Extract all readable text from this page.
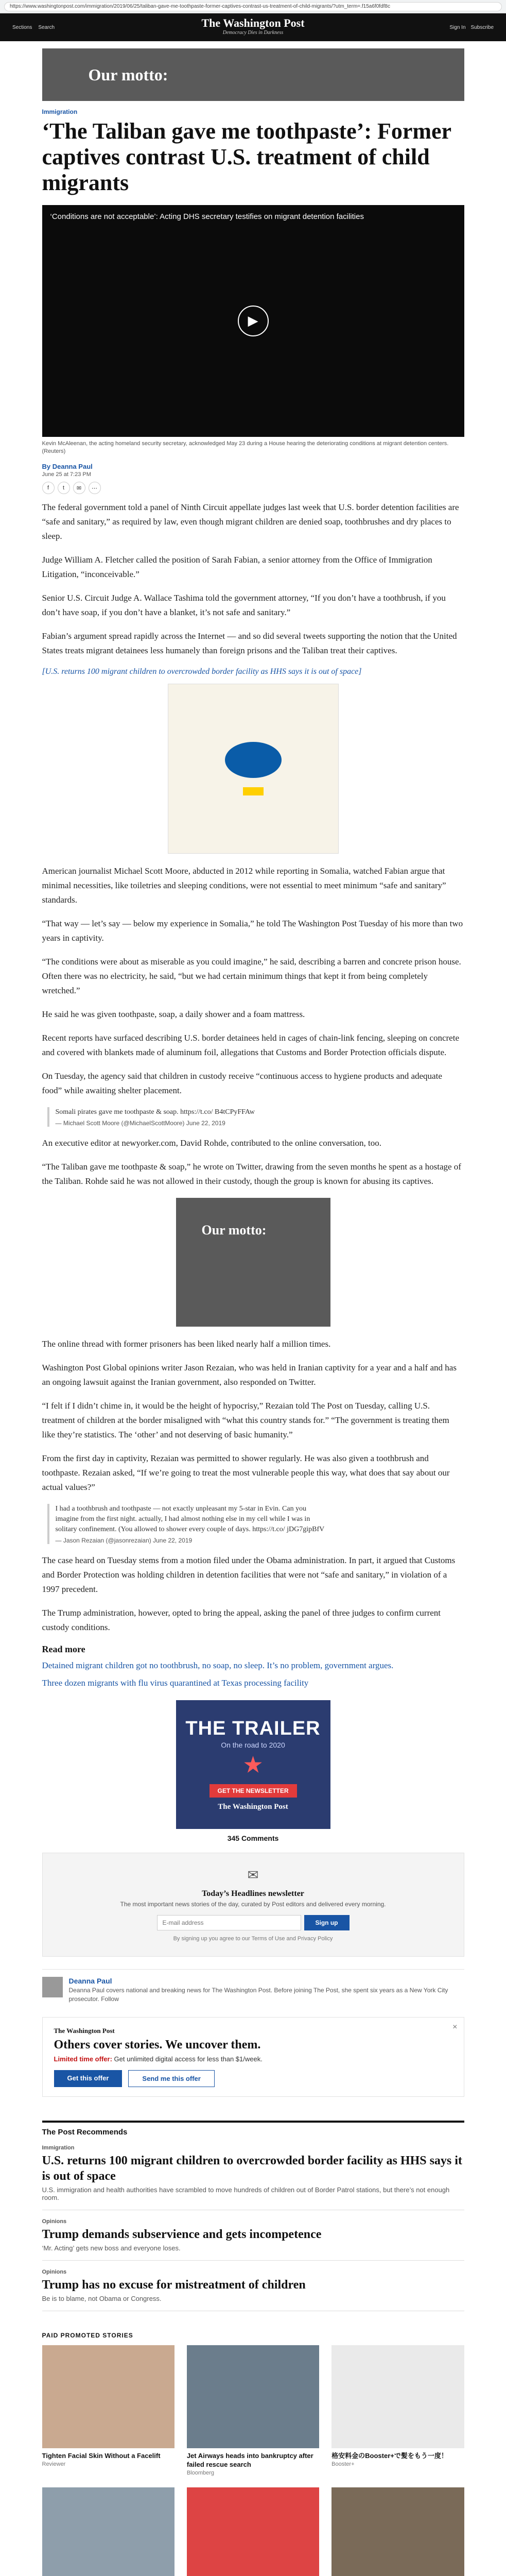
https://www.washingtonpost.com/immigration/2019/06/25/taliban-gave-me-toothpaste-former-captives-contrast-us-treatment-of-child-migrants/?utm_term=.f15a6f0fdf8c
Sections Search	The Washington Post
Democracy Dies in Darkness
Sign In Subscribe
Our motto:
Immigration
‘The Taliban gave me toothpaste’: Former captives contrast U.S. treatment of child migrants
‘Conditions are not acceptable’: Acting DHS secretary testifies on migrant detention facilities
▶
Kevin McAleenan, the acting homeland security secretary, acknowledged May 23 during a House hearing the deteriorating conditions at migrant detention centers. (Reuters)
By Deanna Paul
June 25 at 7:23 PM
f	t	✉	⋯

The federal government told a panel of Ninth Circuit appellate judges last week that U.S. border detention facilities are “safe and sanitary,” as required by law, even though migrant children are denied soap, toothbrushes and dry places to sleep.

Judge William A. Fletcher called the position of Sarah Fabian, a senior attorney from the Office of Immigration Litigation, “inconceivable.”

Senior U.S. Circuit Judge A. Wallace Tashima told the government attorney, “If you don’t have a toothbrush, if you don’t have soap, if you don’t have a blanket, it’s not safe and sanitary.”

Fabian’s argument spread rapidly across the Internet — and so did several tweets supporting the notion that the United States treats migrant detainees less humanely than foreign prisons and the Taliban treat their captives.

[U.S. returns 100 migrant children to overcrowded border facility as HHS says it is out of space]

American journalist Michael Scott Moore, abducted in 2012 while reporting in Somalia, watched Fabian argue that minimal necessities, like toiletries and sleeping conditions, were not essential to meet minimum “safe and sanitary” standards.

“That way — let’s say — below my experience in Somalia,” he told The Washington Post Tuesday of his more than two years in captivity.

“The conditions were about as miserable as you could imagine,” he said, describing a barren and concrete prison house. Often there was no electricity, he said, “but we had certain minimum things that kept it from being completely wretched.”

He said he was given toothpaste, soap, a daily shower and a foam mattress.

Recent reports have surfaced describing U.S. border detainees held in cages of chain-link fencing, sleeping on concrete and covered with blankets made of aluminum foil, allegations that Customs and Border Protection officials dispute.

On Tuesday, the agency said that children in custody receive “continuous access to hygiene products and adequate food” while awaiting shelter placement.

Somali pirates gave me toothpaste & soap. https://t.co/ B4tCPyFFAw
— Michael Scott Moore (@MichaelScottMoore) June 22, 2019

An executive editor at newyorker.com, David Rohde, contributed to the online conversation, too.

“The Taliban gave me toothpaste & soap,” he wrote on Twitter, drawing from the seven months he spent as a hostage of the Taliban. Rohde said he was not allowed in their custody, though the group is known for abusing its captives.

Our motto:

The online thread with former prisoners has been liked nearly half a million times.

Washington Post Global opinions writer Jason Rezaian, who was held in Iranian captivity for a year and a half and has an ongoing lawsuit against the Iranian government, also responded on Twitter.

“I felt if I didn’t chime in, it would be the height of hypocrisy,” Rezaian told The Post on Tuesday, calling U.S. treatment of children at the border misaligned with “what this country stands for.” “The government is treating them like they’re statistics. The ‘other’ and not deserving of basic humanity.”

From the first day in captivity, Rezaian was permitted to shower regularly. He was also given a toothbrush and toothpaste. Rezaian asked, “If we’re going to treat the most vulnerable people this way, what does that say about our actual values?”

I had a toothbrush and toothpaste — not exactly unpleasant my 5-star in Evin. Can you imagine from the first night. actually, I had almost nothing else in my cell while I was in solitary confinement. (You allowed to shower every couple of days. https://t.co/ jDG7gipBfV
— Jason Rezaian (@jasonrezaian) June 22, 2019

The case heard on Tuesday stems from a motion filed under the Obama administration. In part, it argued that Customs and Border Protection was holding children in detention facilities that were not “safe and sanitary,” in violation of a 1997 precedent.

The Trump administration, however, opted to bring the appeal, asking the panel of three judges to confirm current custody conditions.

Read more
Detained migrant children got no toothbrush, no soap, no sleep. It’s no problem, government argues.
Three dozen migrants with flu virus quarantined at Texas processing facility
THE TRAILER
On the road to 2020
★
GET THE NEWSLETTER
The Washington Post
345 Comments
✉
Today’s Headlines newsletter
The most important news stories of the day, curated by Post editors and delivered every morning.
E-mail address
Sign up
By signing up you agree to our Terms of Use and Privacy Policy
Deanna Paul
Deanna Paul covers national and breaking news for The Washington Post. Before joining The Post, she spent six years as a New York City prosecutor. Follow
×
The Washington Post
Others cover stories. We uncover them.
Limited time offer: Get unlimited digital access for less than $1/week.
Get this offer	Send me this offer
The Post Recommends
Immigration
U.S. returns 100 migrant children to overcrowded border facility as HHS says it is out of space
U.S. immigration and health authorities have scrambled to move hundreds of children out of Border Patrol stations, but there’s not enough room.
Opinions
Trump demands subservience and gets incompetence
‘Mr. Acting’ gets new boss and everyone loses.
Opinions
Trump has no excuse for mistreatment of children
Be is to blame, not Obama or Congress.
PAID PROMOTED STORIES
Tighten Facial Skin Without a Facelift
Reviewer
Jet Airways heads into bankruptcy after failed rescue search
Bloomberg
格安料金のBooster+で髪をもう一度！
Booster+
